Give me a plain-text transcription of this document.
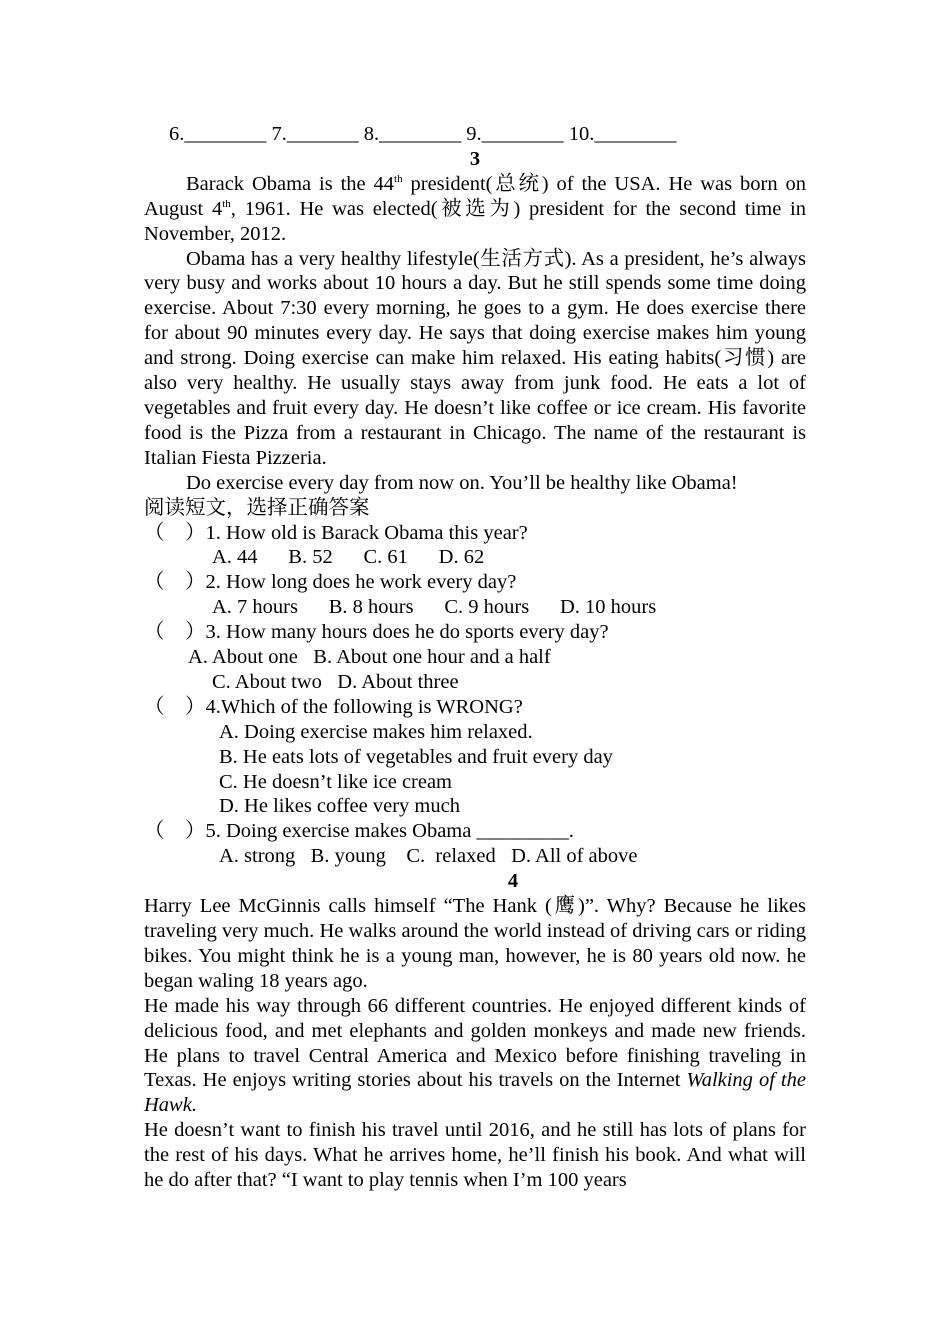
6.________ 7._______ 8.________ 9.________ 10.________
3
Barack Obama is the 44th president(总统) of the USA. He was born on August 4th, 1961. He was elected(被选为) president for the second time in November, 2012.
Obama has a very healthy lifestyle(生活方式). As a president, he’s always very busy and works about 10 hours a day. But he still spends some time doing exercise. About 7:30 every morning, he goes to a gym. He does exercise there for about 90 minutes every day. He says that doing exercise makes him young and strong. Doing exercise can make him relaxed. His eating habits(习惯) are also very healthy. He usually stays away from junk food. He eats a lot of vegetables and fruit every day. He doesn’t like coffee or ice cream. His favorite food is the Pizza from a restaurant in Chicago. The name of the restaurant is Italian Fiesta Pizzeria.
Do exercise every day from now on. You’ll be healthy like Obama!
阅读短文，选择正确答案
（    ）1. How old is Barack Obama this year?
A. 44      B. 52      C. 61      D. 62
（    ）2. How long does he work every day?
A. 7 hours      B. 8 hours      C. 9 hours      D. 10 hours
（    ）3. How many hours does he do sports every day?
A. About one   B. About one hour and a half
C. About two   D. About three
（    ）4.Which of the following is WRONG?
A. Doing exercise makes him relaxed.
B. He eats lots of vegetables and fruit every day
C. He doesn’t like ice cream
D. He likes coffee very much
（    ）5. Doing exercise makes Obama _________.
A. strong   B. young    C.  relaxed   D. All of above
4
Harry Lee McGinnis calls himself “The Hank (鹰)”. Why? Because he likes traveling very much. He walks around the world instead of driving cars or riding bikes. You might think he is a young man, however, he is 80 years old now. he began waling 18 years ago.
He made his way through 66 different countries. He enjoyed different kinds of delicious food, and met elephants and golden monkeys and made new friends. He plans to travel Central America and Mexico before finishing traveling in Texas. He enjoys writing stories about his travels on the Internet Walking of the Hawk.
He doesn’t want to finish his travel until 2016, and he still has lots of plans for the rest of his days. What he arrives home, he’ll finish his book. And what will he do after that? “I want to play tennis when I’m 100 years
